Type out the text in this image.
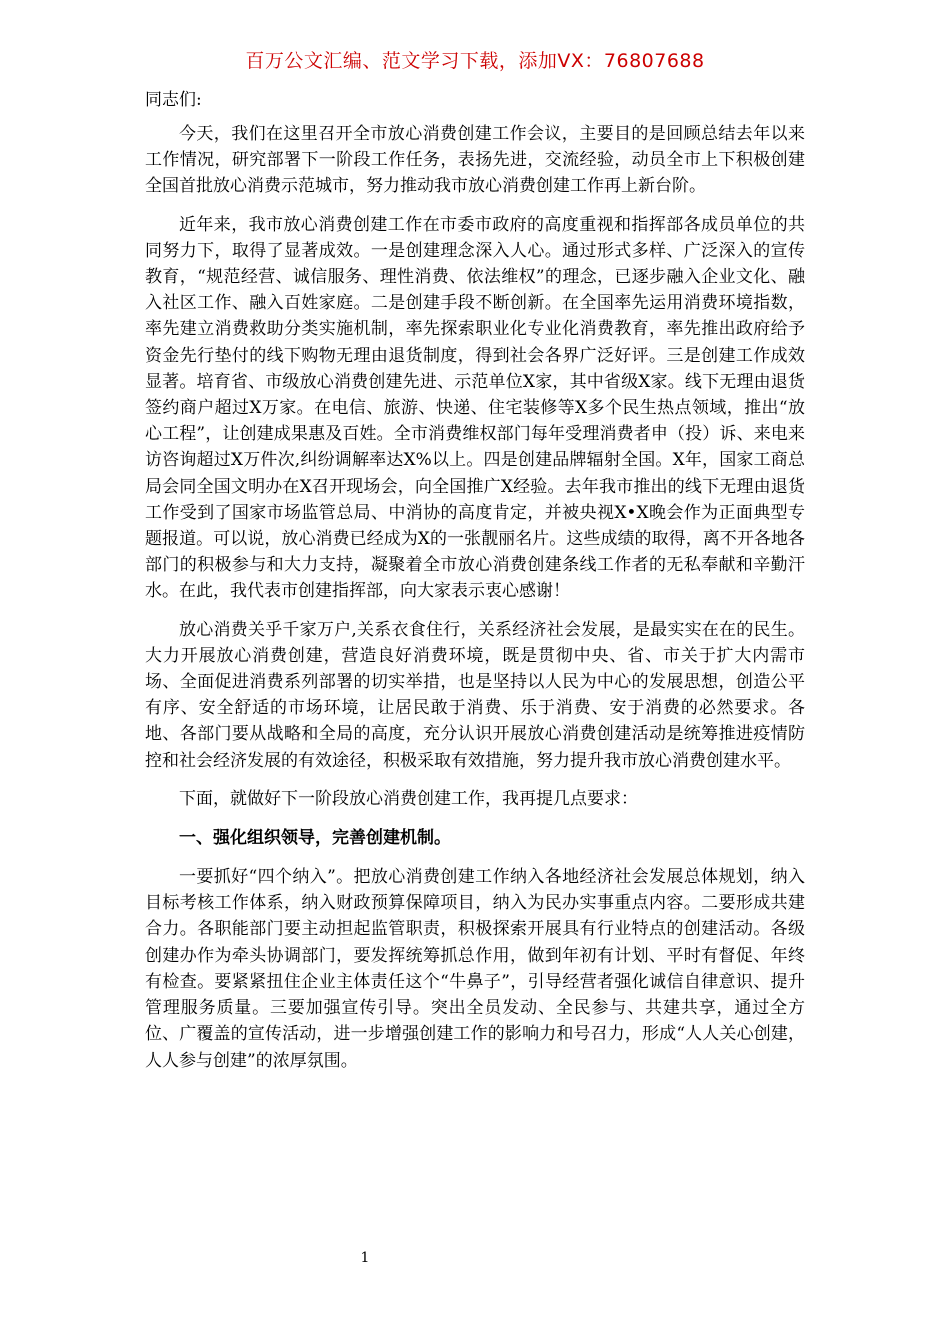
百万公文汇编、范文学习下载，添加VX：76807688

同志们:

今天，我们在这里召开全市放心消费创建工作会议，主要目的是回顾总结去年以来工作情况，研究部署下一阶段工作任务，表扬先进，交流经验，动员全市上下积极创建全国首批放心消费示范城市，努力推动我市放心消费创建工作再上新台阶。

近年来，我市放心消费创建工作在市委市政府的高度重视和指挥部各成员单位的共同努力下，取得了显著成效。一是创建理念深入人心。通过形式多样、广泛深入的宣传教育，“规范经营、诚信服务、理性消费、依法维权”的理念，已逐步融入企业文化、融入社区工作、融入百姓家庭。二是创建手段不断创新。在全国率先运用消费环境指数，率先建立消费救助分类实施机制，率先探索职业化专业化消费教育，率先推出政府给予资金先行垫付的线下购物无理由退货制度，得到社会各界广泛好评。三是创建工作成效显著。培育省、市级放心消费创建先进、示范单位X家，其中省级X家。线下无理由退货签约商户超过X万家。在电信、旅游、快递、住宅装修等X多个民生热点领域，推出“放心工程”，让创建成果惠及百姓。全市消费维权部门每年受理消费者申（投）诉、来电来访咨询超过X万件次,纠纷调解率达X%以上。四是创建品牌辐射全国。X年，国家工商总局会同全国文明办在X召开现场会，向全国推广X经验。去年我市推出的线下无理由退货工作受到了国家市场监管总局、中消协的高度肯定，并被央视X•X晚会作为正面典型专题报道。可以说，放心消费已经成为X的一张靓丽名片。这些成绩的取得，离不开各地各部门的积极参与和大力支持，凝聚着全市放心消费创建条线工作者的无私奉献和辛勤汗水。在此，我代表市创建指挥部，向大家表示衷心感谢！

放心消费关乎千家万户,关系衣食住行，关系经济社会发展，是最实实在在的民生。大力开展放心消费创建，营造良好消费环境，既是贯彻中央、省、市关于扩大内需市场、全面促进消费系列部署的切实举措，也是坚持以人民为中心的发展思想，创造公平有序、安全舒适的市场环境，让居民敢于消费、乐于消费、安于消费的必然要求。各地、各部门要从战略和全局的高度，充分认识开展放心消费创建活动是统筹推进疫情防控和社会经济发展的有效途径，积极采取有效措施，努力提升我市放心消费创建水平。

下面，就做好下一阶段放心消费创建工作，我再提几点要求：

一、强化组织领导，完善创建机制。

一要抓好“四个纳入”。把放心消费创建工作纳入各地经济社会发展总体规划，纳入目标考核工作体系，纳入财政预算保障项目，纳入为民办实事重点内容。二要形成共建合力。各职能部门要主动担起监管职责，积极探索开展具有行业特点的创建活动。各级创建办作为牵头协调部门，要发挥统筹抓总作用，做到年初有计划、平时有督促、年终有检查。要紧紧扭住企业主体责任这个“牛鼻子”，引导经营者强化诚信自律意识、提升管理服务质量。三要加强宣传引导。突出全员发动、全民参与、共建共享，通过全方位、广覆盖的宣传活动，进一步增强创建工作的影响力和号召力，形成“人人关心创建，人人参与创建”的浓厚氛围。

1
